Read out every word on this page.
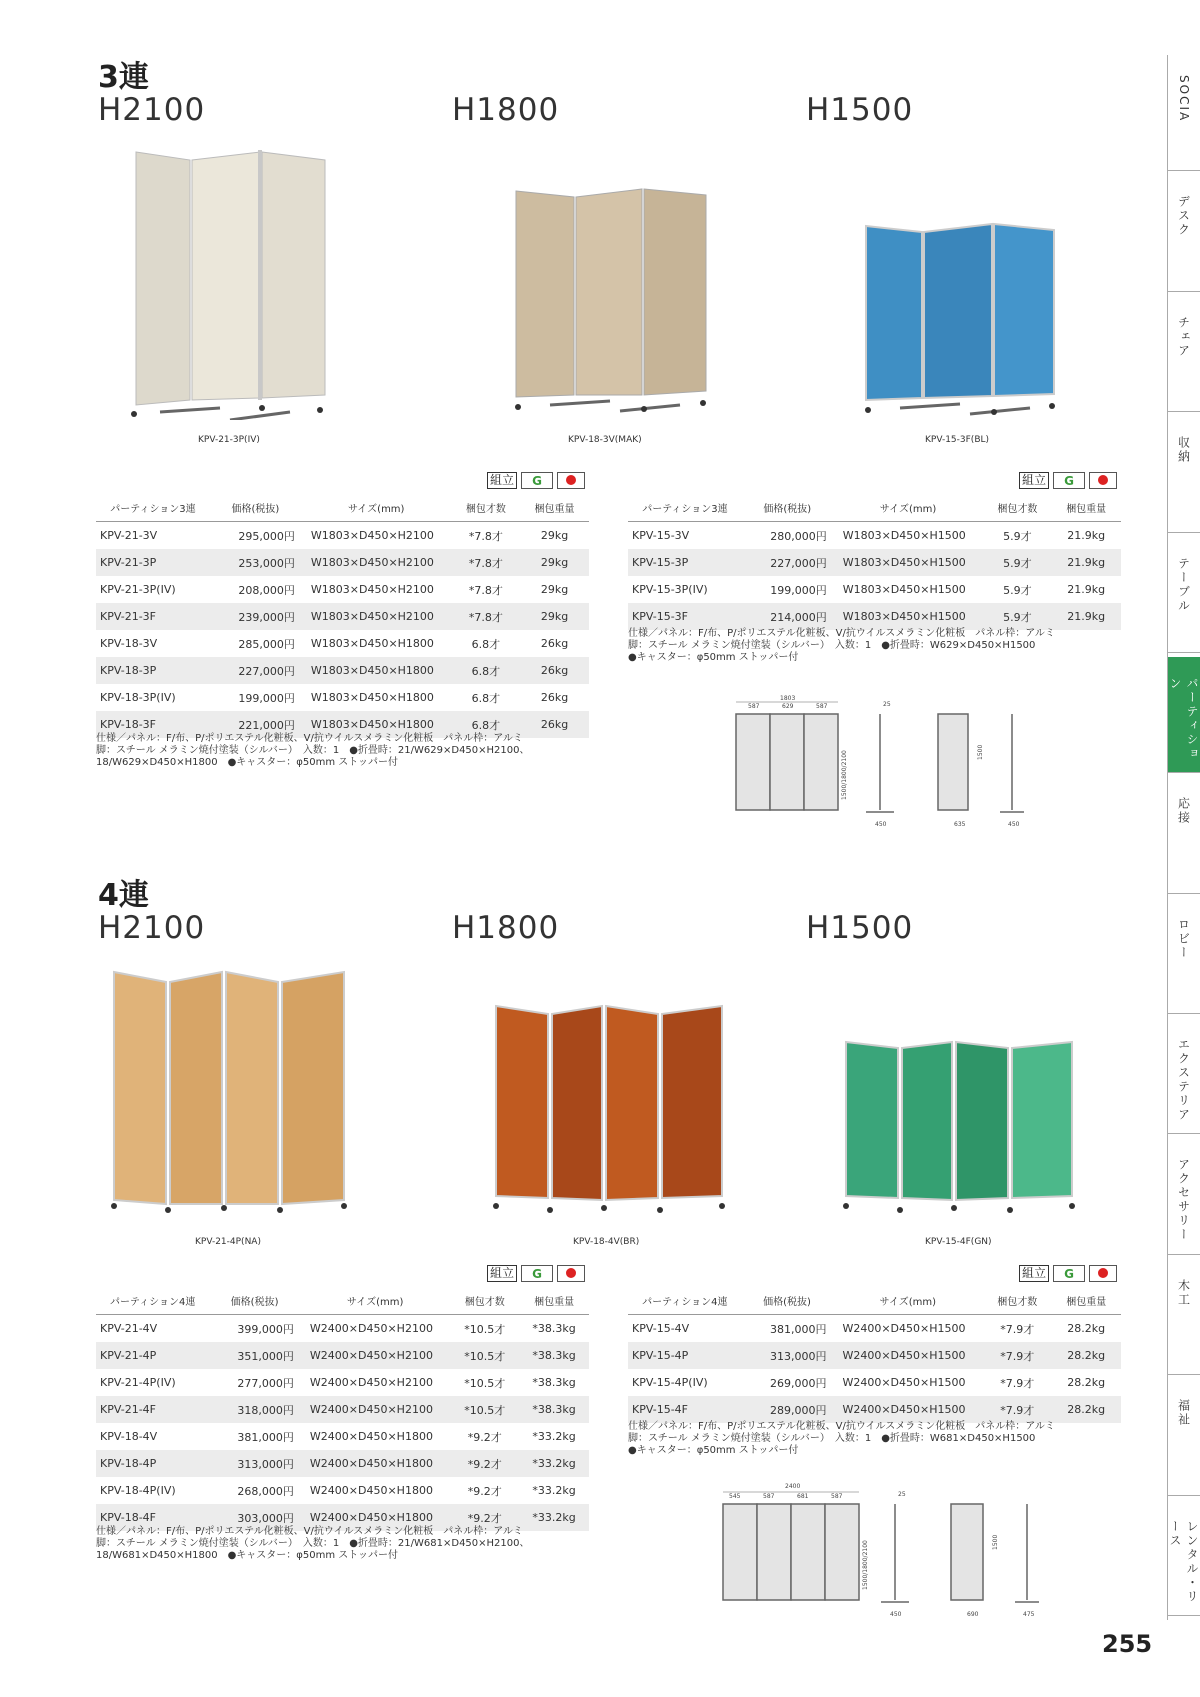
3連
H2100	H1800	H1500
KPV-21-3P(IV)	KPV-18-3V(MAK)	KPV-15-3F(BL)
組立	G	組立	G
パーティション3連	価格(税抜)	サイズ(mm)	梱包才数	梱包重量
KPV-21-3V	295,000円	W1803×D450×H2100	*7.8才	29kg
KPV-21-3P	253,000円	W1803×D450×H2100	*7.8才	29kg
KPV-21-3P(IV)	208,000円	W1803×D450×H2100	*7.8才	29kg
KPV-21-3F	239,000円	W1803×D450×H2100	*7.8才	29kg
KPV-18-3V	285,000円	W1803×D450×H1800	6.8才	26kg
KPV-18-3P	227,000円	W1803×D450×H1800	6.8才	26kg
KPV-18-3P(IV)	199,000円	W1803×D450×H1800	6.8才	26kg
KPV-18-3F	221,000円	W1803×D450×H1800	6.8才	26kg
仕様／パネル：F/布、P/ポリエステル化粧板、V/抗ウイルスメラミン化粧板　パネル枠：アルミ
脚：スチール メラミン焼付塗装（シルバー）　入数：1　●折畳時：21/W629×D450×H2100、
18/W629×D450×H1800　●キャスター：φ50mm ストッパー付
パーティション3連	価格(税抜)	サイズ(mm)	梱包才数	梱包重量
KPV-15-3V	280,000円	W1803×D450×H1500	5.9才	21.9kg
KPV-15-3P	227,000円	W1803×D450×H1500	5.9才	21.9kg
KPV-15-3P(IV)	199,000円	W1803×D450×H1500	5.9才	21.9kg
KPV-15-3F	214,000円	W1803×D450×H1500	5.9才	21.9kg
仕様／パネル：F/布、P/ポリエステル化粧板、V/抗ウイルスメラミン化粧板　パネル枠：アルミ
脚：スチール メラミン焼付塗装（シルバー）　入数：1　●折畳時：W629×D450×H1500
●キャスター：φ50mm ストッパー付
1803
587	629	587
1500/1800/2100
25
450	635
1500
450
4連
H2100	H1800	H1500
KPV-21-4P(NA)	KPV-18-4V(BR)	KPV-15-4F(GN)
組立	G	組立	G
パーティション4連	価格(税抜)	サイズ(mm)	梱包才数	梱包重量
KPV-21-4V	399,000円	W2400×D450×H2100	*10.5才	*38.3kg
KPV-21-4P	351,000円	W2400×D450×H2100	*10.5才	*38.3kg
KPV-21-4P(IV)	277,000円	W2400×D450×H2100	*10.5才	*38.3kg
KPV-21-4F	318,000円	W2400×D450×H2100	*10.5才	*38.3kg
KPV-18-4V	381,000円	W2400×D450×H1800	*9.2才	*33.2kg
KPV-18-4P	313,000円	W2400×D450×H1800	*9.2才	*33.2kg
KPV-18-4P(IV)	268,000円	W2400×D450×H1800	*9.2才	*33.2kg
KPV-18-4F	303,000円	W2400×D450×H1800	*9.2才	*33.2kg
仕様／パネル：F/布、P/ポリエステル化粧板、V/抗ウイルスメラミン化粧板　パネル枠：アルミ
脚：スチール メラミン焼付塗装（シルバー）　入数：1　●折畳時：21/W681×D450×H2100、
18/W681×D450×H1800　●キャスター：φ50mm ストッパー付
パーティション4連	価格(税抜)	サイズ(mm)	梱包才数	梱包重量
KPV-15-4V	381,000円	W2400×D450×H1500	*7.9才	28.2kg
KPV-15-4P	313,000円	W2400×D450×H1500	*7.9才	28.2kg
KPV-15-4P(IV)	269,000円	W2400×D450×H1500	*7.9才	28.2kg
KPV-15-4F	289,000円	W2400×D450×H1500	*7.9才	28.2kg
仕様／パネル：F/布、P/ポリエステル化粧板、V/抗ウイルスメラミン化粧板　パネル枠：アルミ
脚：スチール メラミン焼付塗装（シルバー）　入数：1　●折畳時：W681×D450×H1500
●キャスター：φ50mm ストッパー付
2400
545	587	681	587
1500/1800/2100
25
450	690
1500
475
SOCIA
デスク
チェア
収納
テーブル
パーティション
応接
ロビー
エクステリア
アクセサリー
木工
福祉
レンタル・リース
255
